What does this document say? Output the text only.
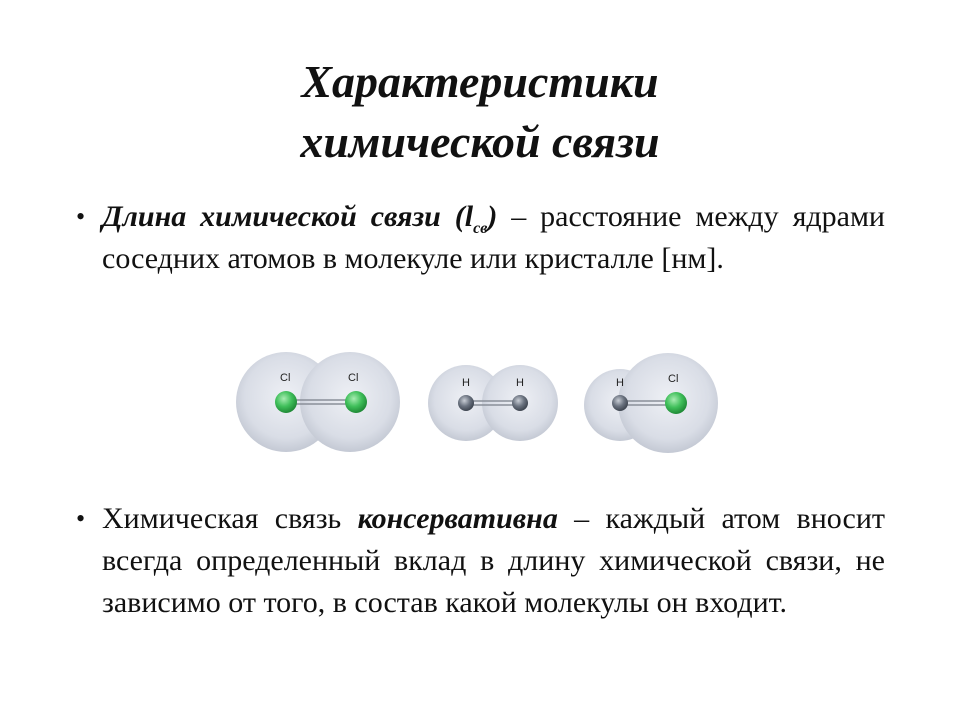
Характеристики
химической связи
• Длина химической связи $(l_{св})$ – расстояние между ядрами соседних атомов в молекуле или кристалле [нм].
Cl	Cl	H	H	H	Cl
• Химическая связь консервативна – каждый атом вносит всегда определенный вклад в длину химической связи, не зависимо от того, в состав какой молекулы он входит.
